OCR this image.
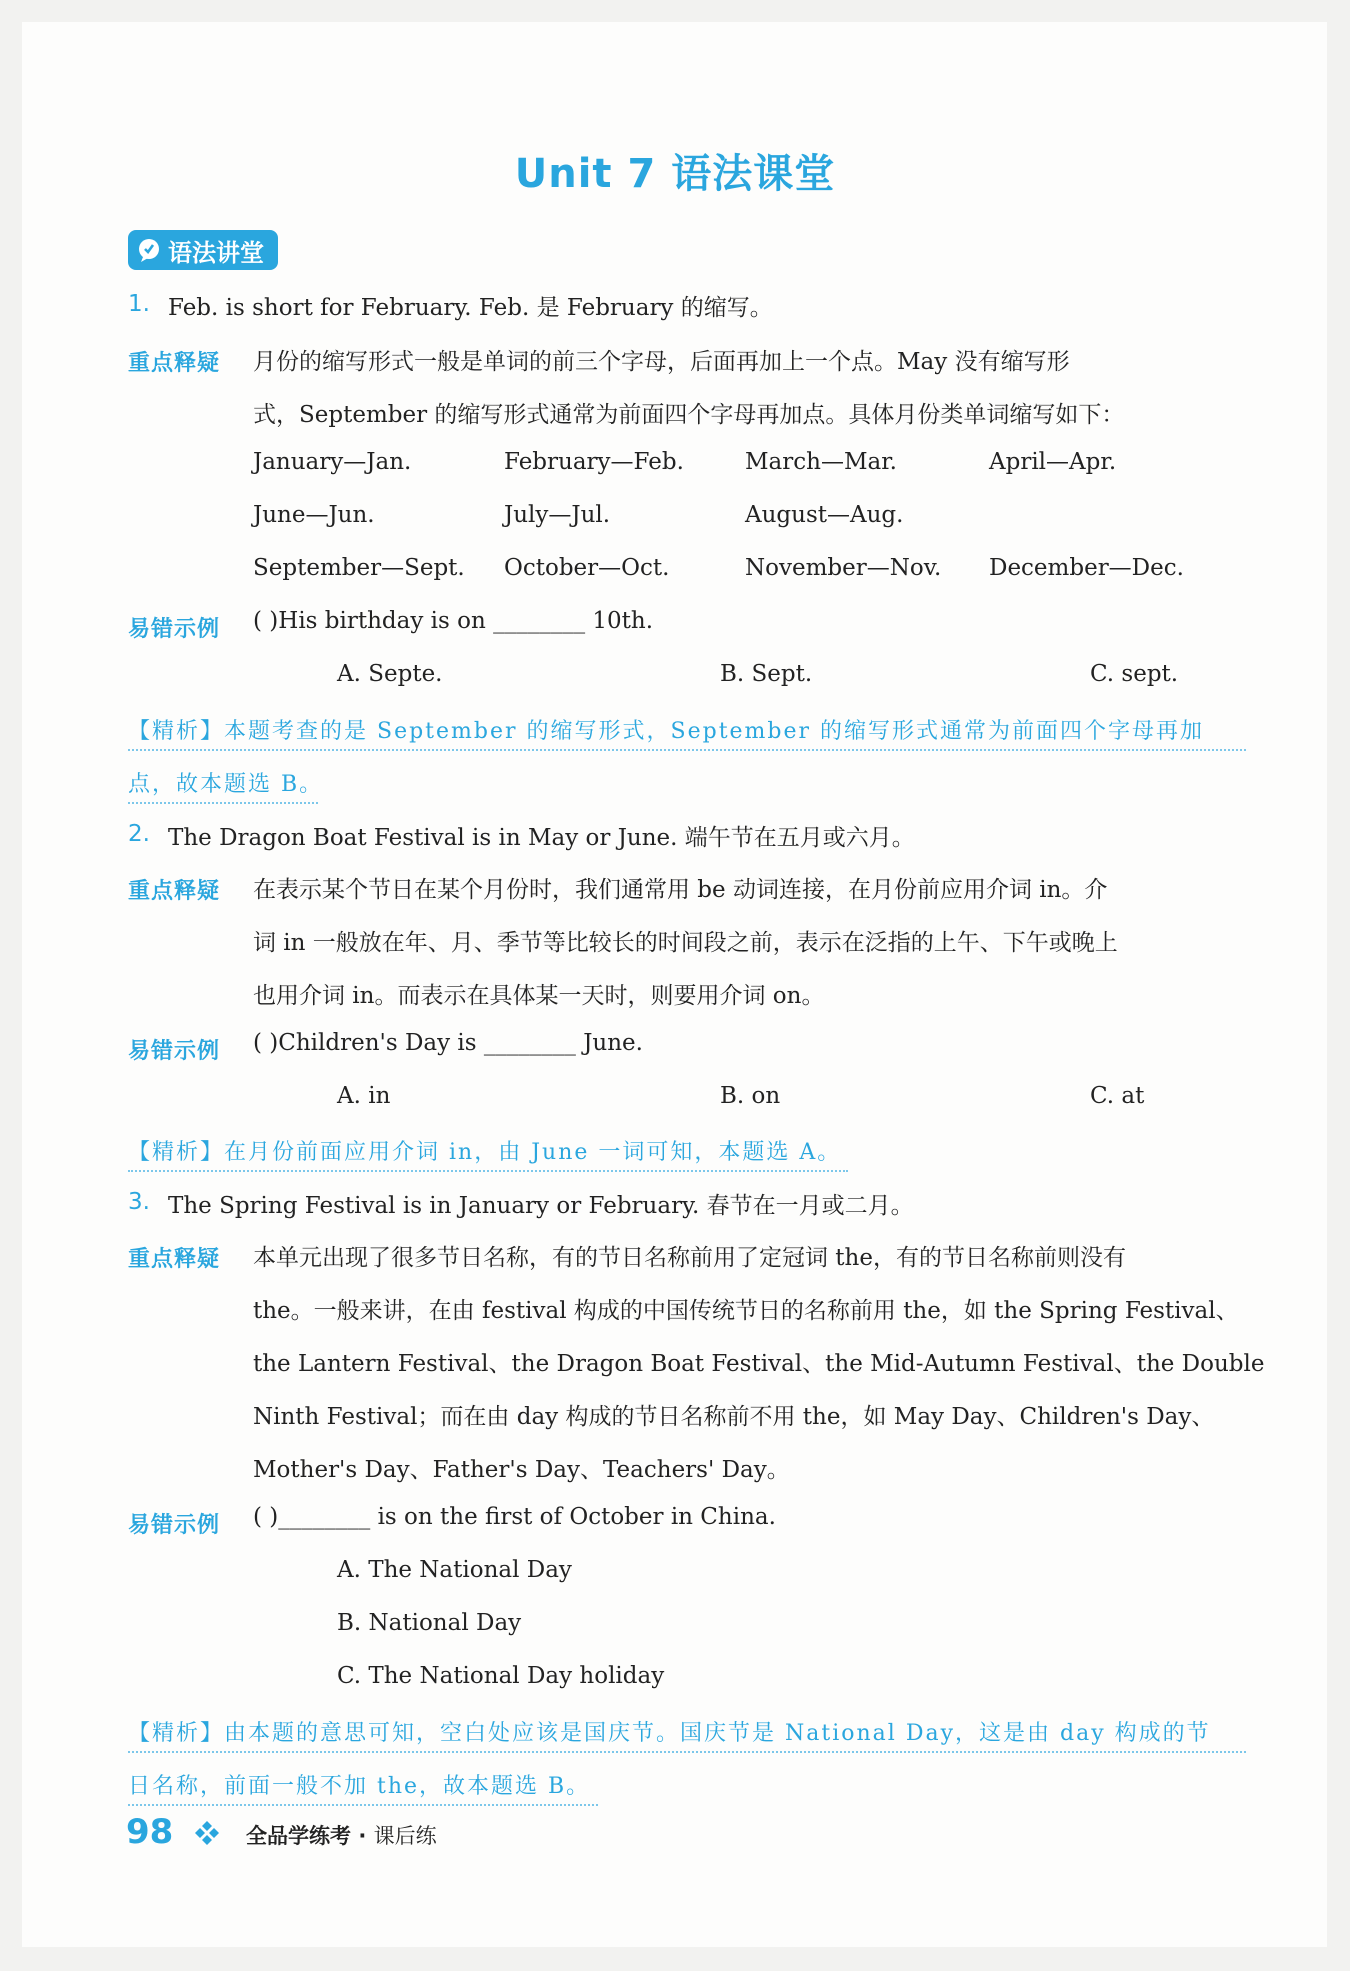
Unit 7 语法课堂
语法讲堂
1. Feb. is short for February. Feb. 是 February 的缩写。
重点释疑 月份的缩写形式一般是单词的前三个字母，后面再加上一个点。May 没有缩写形
式，September 的缩写形式通常为前面四个字母再加点。具体月份类单词缩写如下：
January—Jan.	February—Feb.	March—Mar.	April—Apr.
June—Jun.	July—Jul.	August—Aug.
September—Sept. October—Oct.	November—Nov. December—Dec.
易错示例 ( )His birthday is on ________ 10th.
A. Septe.	B. Sept.	C. sept.
【精析】本题考查的是 September 的缩写形式，September 的缩写形式通常为前面四个字母再加
点，故本题选 B。
2. The Dragon Boat Festival is in May or June. 端午节在五月或六月。
重点释疑 在表示某个节日在某个月份时，我们通常用 be 动词连接，在月份前应用介词 in。介
词 in 一般放在年、月、季节等比较长的时间段之前，表示在泛指的上午、下午或晚上
也用介词 in。而表示在具体某一天时，则要用介词 on。
易错示例 ( )Children's Day is ________ June.
A. in	B. on	C. at
【精析】在月份前面应用介词 in，由 June 一词可知，本题选 A。
3. The Spring Festival is in January or February. 春节在一月或二月。
重点释疑 本单元出现了很多节日名称，有的节日名称前用了定冠词 the，有的节日名称前则没有
the。一般来讲，在由 festival 构成的中国传统节日的名称前用 the，如 the Spring Festival、
the Lantern Festival、the Dragon Boat Festival、the Mid-Autumn Festival、the Double
Ninth Festival；而在由 day 构成的节日名称前不用 the，如 May Day、Children's Day、
Mother's Day、Father's Day、Teachers' Day。
易错示例 ( )________ is on the first of October in China.
A. The National Day
B. National Day
C. The National Day holiday
【精析】由本题的意思可知，空白处应该是国庆节。国庆节是 National Day，这是由 day 构成的节
日名称，前面一般不加 the，故本题选 B。
98	全品学练考 · 课后练
